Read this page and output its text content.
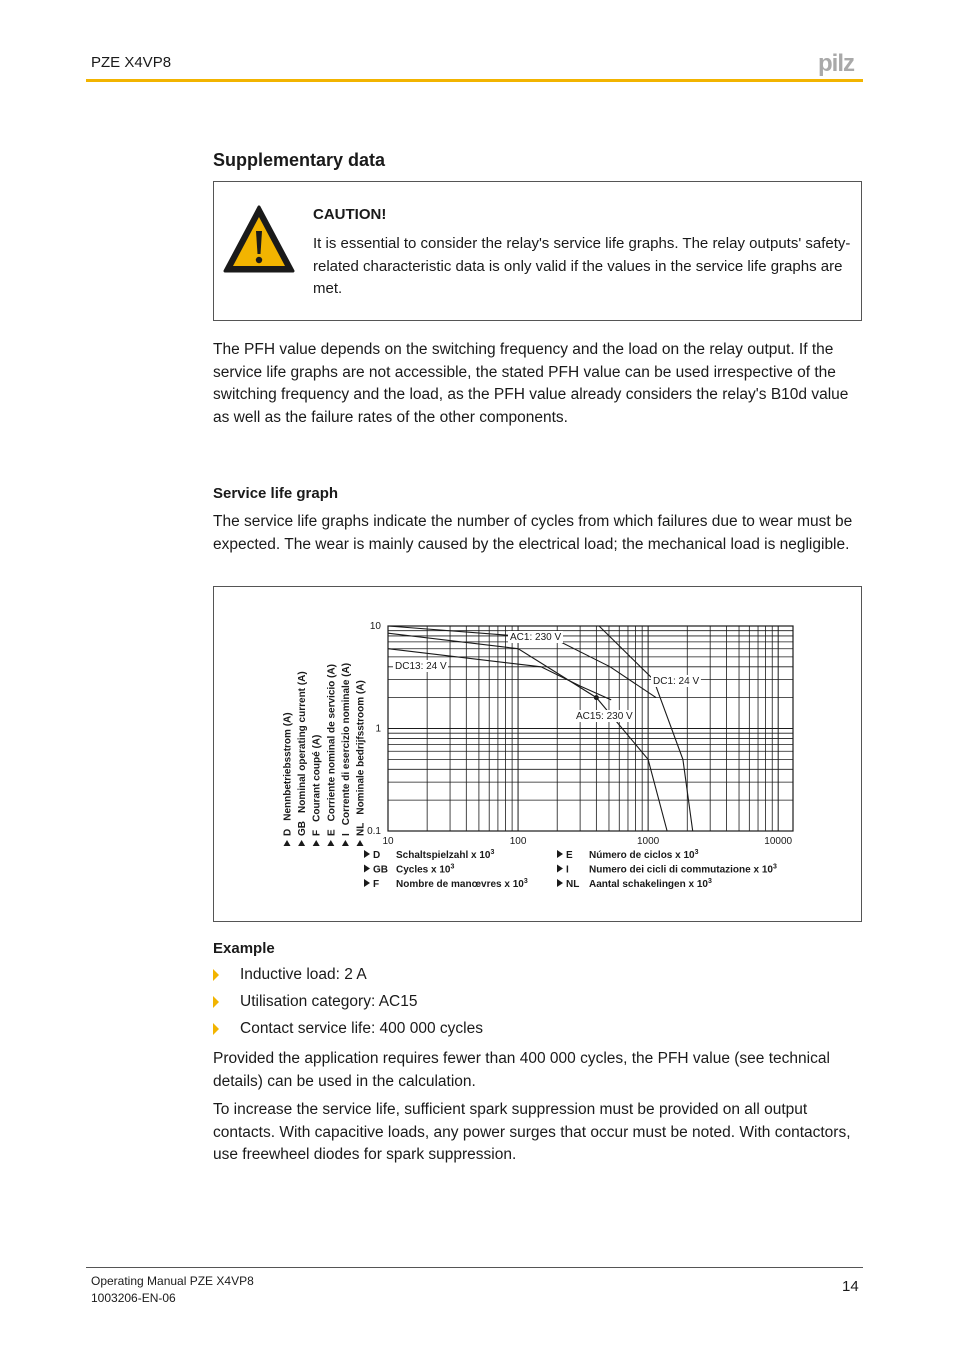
PZE X4VP8	pilz
Supplementary data
CAUTION!
It is essential to consider the relay's service life graphs. The relay outputs' safety-related characteristic data is only valid if the values in the service life graphs are met.
The PFH value depends on the switching frequency and the load on the relay output. If the service life graphs are not accessible, the stated PFH value can be used irrespective of the switching frequency and the load, as the PFH value already considers the relay's B10d value as well as the failure rates of the other components.
Service life graph
The service life graphs indicate the number of cycles from which failures due to wear must be expected. The wear is mainly caused by the electrical load; the mechanical load is negligible.
AC1: 230 V
DC13: 24 V
AC15: 230 V
DC1: 24 V
10	100	1000	10000
10
1
0.1
DNennbetriebsstrom (A)
GBNominal operating current (A)
FCourant coupé (A)
ECorriente nominal de servicio (A)
ICorrente di esercizio nominale (A)
NLNominale bedrijfsstroom (A)
D Schaltspielzahl x $10^3$
GB Cycles x $10^3$
F Nombre de manœvres x $10^3$
E Número de ciclos x $10^3$
I Numero dei cicli di commutazione x $10^3$
NL Aantal schakelingen x $10^3$
Example
Inductive load: 2 A
Utilisation category: AC15
Contact service life: 400 000 cycles
Provided the application requires fewer than 400 000 cycles, the PFH value (see technical details) can be used in the calculation.
To increase the service life, sufficient spark suppression must be provided on all output contacts. With capacitive loads, any power surges that occur must be noted. With contactors, use freewheel diodes for spark suppression.
Operating Manual PZE X4VP8
1003206-EN-06
14
